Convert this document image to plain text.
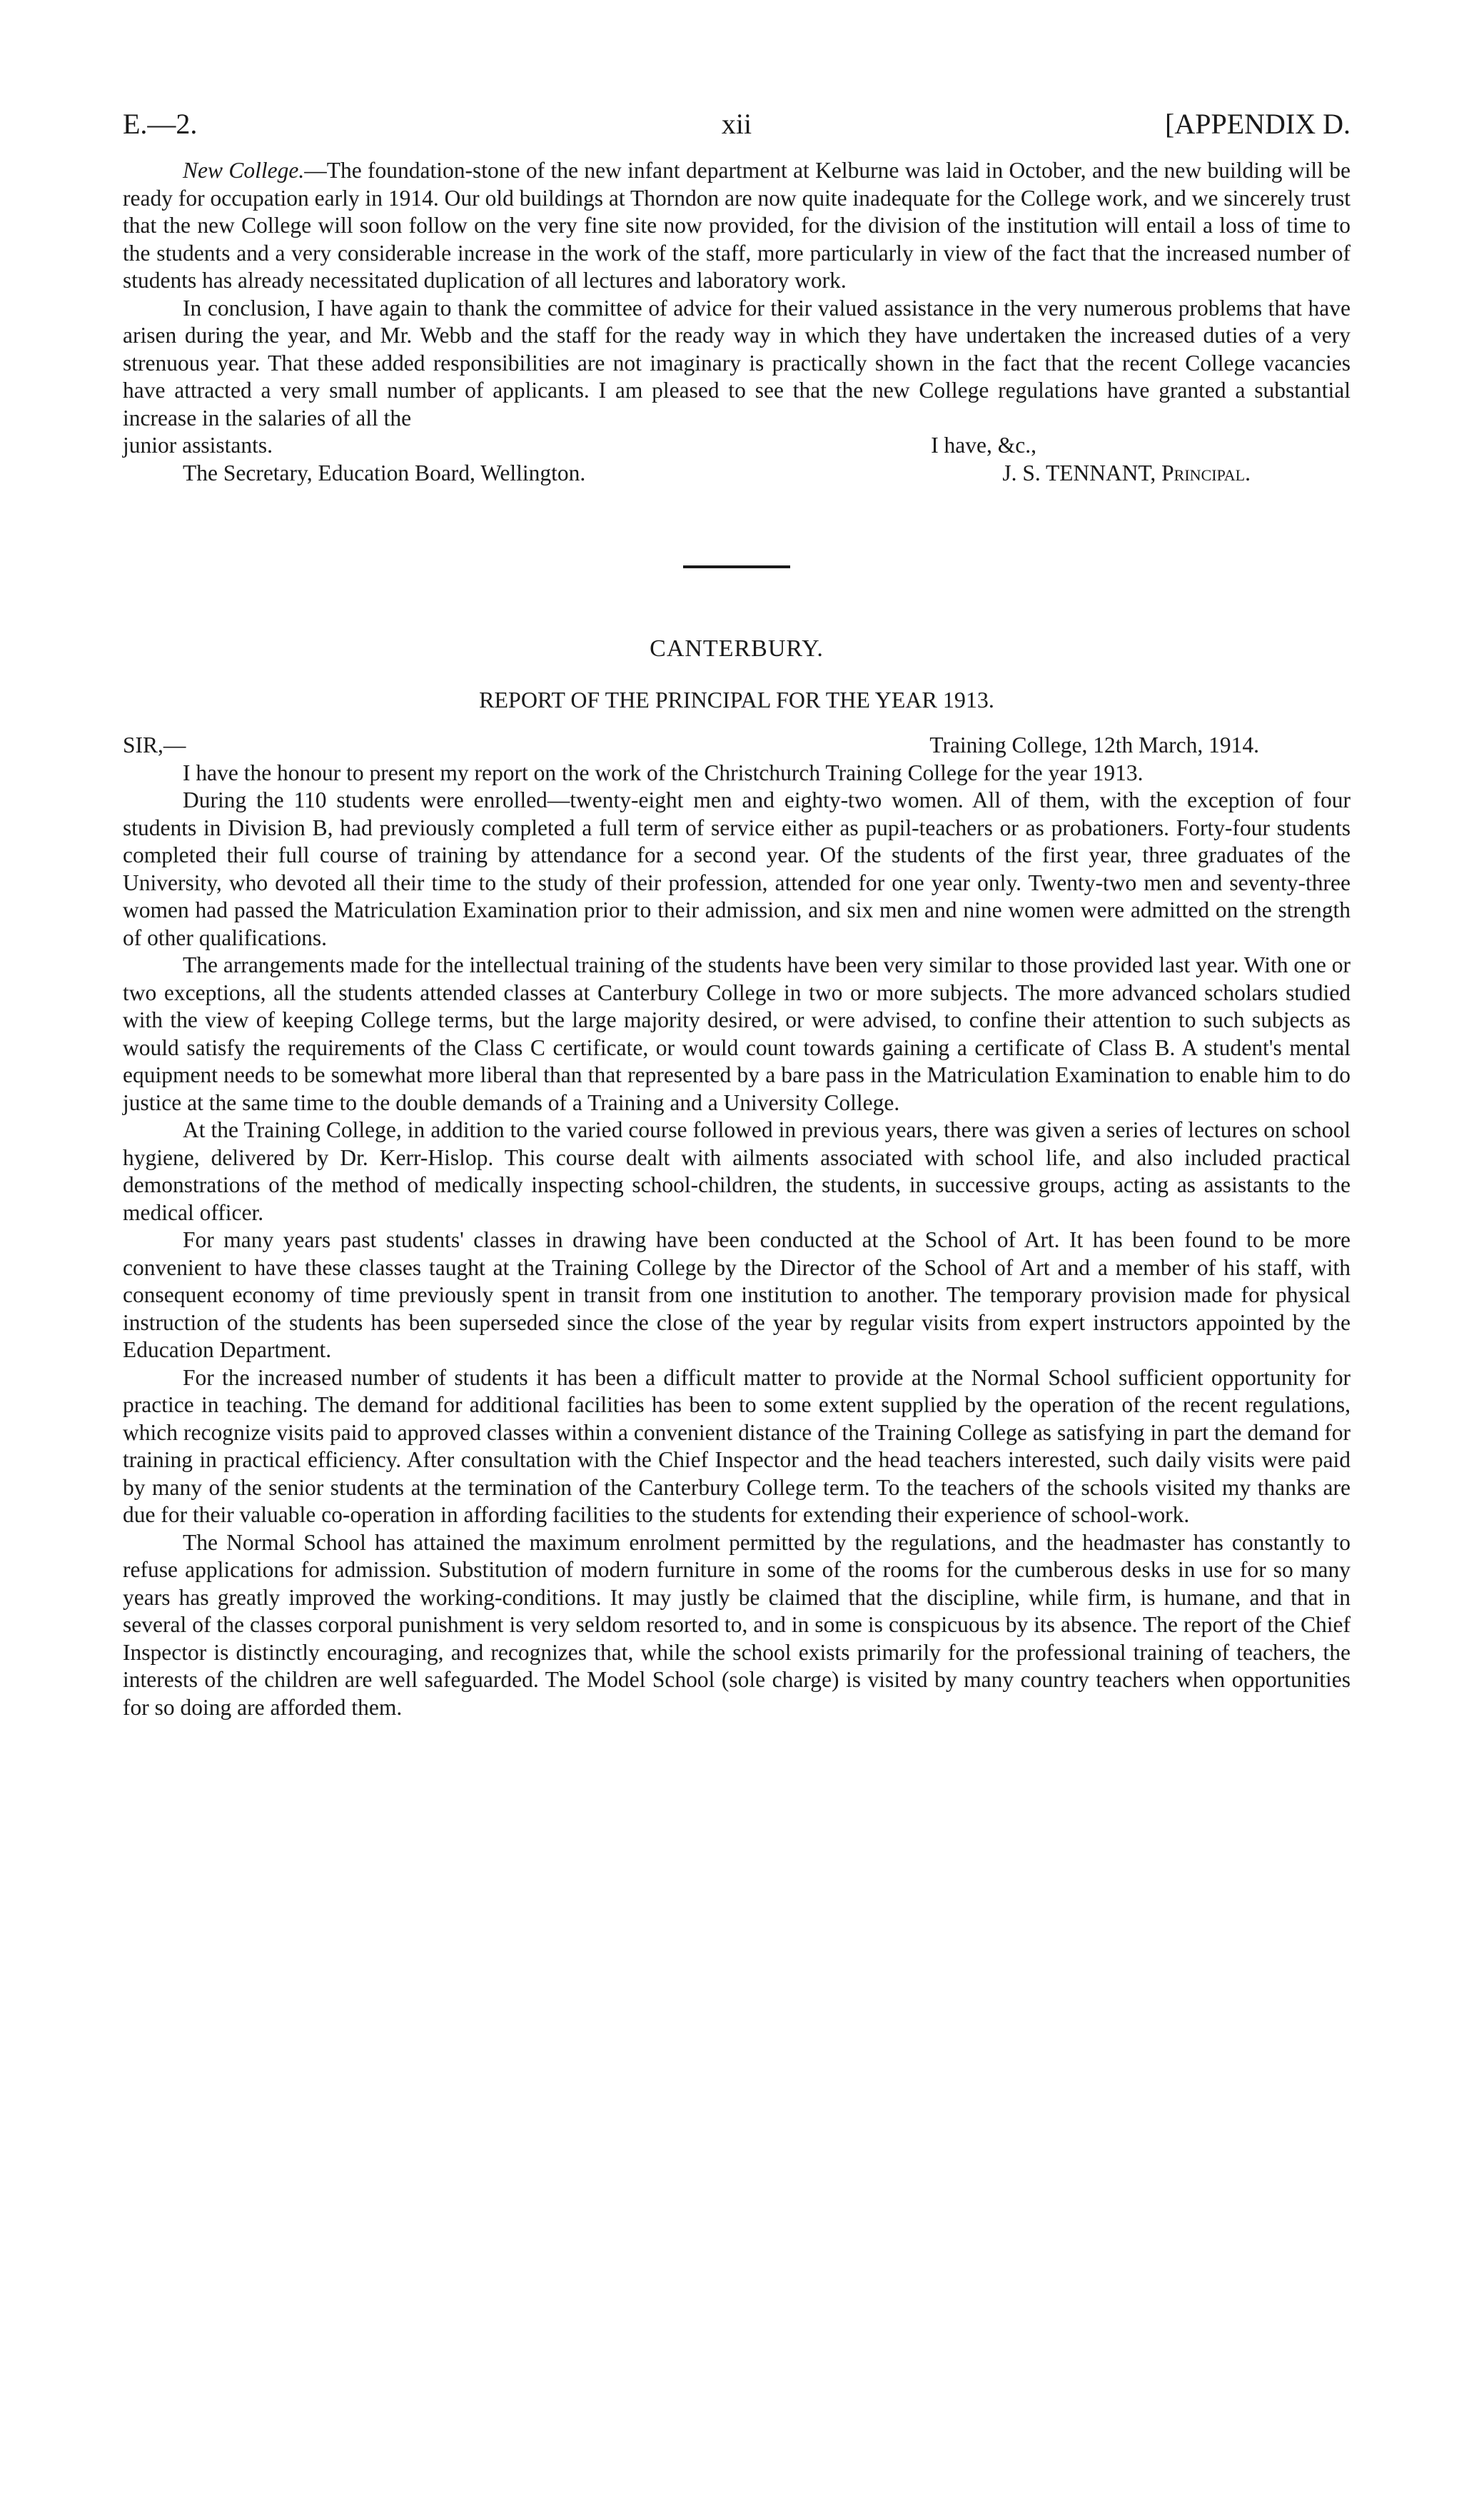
E.—2.	xii	[APPENDIX D.

New College.—The foundation-stone of the new infant department at Kelburne was laid in October, and the new building will be ready for occupation early in 1914. Our old buildings at Thorndon are now quite inadequate for the College work, and we sincerely trust that the new College will soon follow on the very fine site now provided, for the division of the institution will entail a loss of time to the students and a very considerable increase in the work of the staff, more particularly in view of the fact that the increased number of students has already necessitated duplication of all lectures and laboratory work.

In conclusion, I have again to thank the committee of advice for their valued assistance in the very numerous problems that have arisen during the year, and Mr. Webb and the staff for the ready way in which they have undertaken the increased duties of a very strenuous year. That these added responsibilities are not imaginary is practically shown in the fact that the recent College vacancies have attracted a very small number of applicants. I am pleased to see that the new College regulations have granted a substantial increase in the salaries of all the

junior assistants.	I have, &c.,
The Secretary, Education Board, Wellington.	J. S. TENNANT, Principal.
CANTERBURY.
REPORT OF THE PRINCIPAL FOR THE YEAR 1913.
SIR,—	Training College, 12th March, 1914.

I have the honour to present my report on the work of the Christchurch Training College for the year 1913.

During the 110 students were enrolled—twenty-eight men and eighty-two women. All of them, with the exception of four students in Division B, had previously completed a full term of service either as pupil-teachers or as probationers. Forty-four students completed their full course of training by attendance for a second year. Of the students of the first year, three graduates of the University, who devoted all their time to the study of their profession, attended for one year only. Twenty-two men and seventy-three women had passed the Matriculation Examination prior to their admission, and six men and nine women were admitted on the strength of other qualifications.

The arrangements made for the intellectual training of the students have been very similar to those provided last year. With one or two exceptions, all the students attended classes at Canterbury College in two or more subjects. The more advanced scholars studied with the view of keeping College terms, but the large majority desired, or were advised, to confine their attention to such subjects as would satisfy the requirements of the Class C certificate, or would count towards gaining a certificate of Class B. A student's mental equipment needs to be somewhat more liberal than that represented by a bare pass in the Matriculation Examination to enable him to do justice at the same time to the double demands of a Training and a University College.

At the Training College, in addition to the varied course followed in previous years, there was given a series of lectures on school hygiene, delivered by Dr. Kerr-Hislop. This course dealt with ailments associated with school life, and also included practical demonstrations of the method of medically inspecting school-children, the students, in successive groups, acting as assistants to the medical officer.

For many years past students' classes in drawing have been conducted at the School of Art. It has been found to be more convenient to have these classes taught at the Training College by the Director of the School of Art and a member of his staff, with consequent economy of time previously spent in transit from one institution to another. The temporary provision made for physical instruction of the students has been superseded since the close of the year by regular visits from expert instructors appointed by the Education Department.

For the increased number of students it has been a difficult matter to provide at the Normal School sufficient opportunity for practice in teaching. The demand for additional facilities has been to some extent supplied by the operation of the recent regulations, which recognize visits paid to approved classes within a convenient distance of the Training College as satisfying in part the demand for training in practical efficiency. After consultation with the Chief Inspector and the head teachers interested, such daily visits were paid by many of the senior students at the termination of the Canterbury College term. To the teachers of the schools visited my thanks are due for their valuable co-operation in affording facilities to the students for extending their experience of school-work.

The Normal School has attained the maximum enrolment permitted by the regulations, and the headmaster has constantly to refuse applications for admission. Substitution of modern furniture in some of the rooms for the cumberous desks in use for so many years has greatly improved the working-conditions. It may justly be claimed that the discipline, while firm, is humane, and that in several of the classes corporal punishment is very seldom resorted to, and in some is conspicuous by its absence. The report of the Chief Inspector is distinctly encouraging, and recognizes that, while the school exists primarily for the professional training of teachers, the interests of the children are well safeguarded. The Model School (sole charge) is visited by many country teachers when opportunities for so doing are afforded them.
